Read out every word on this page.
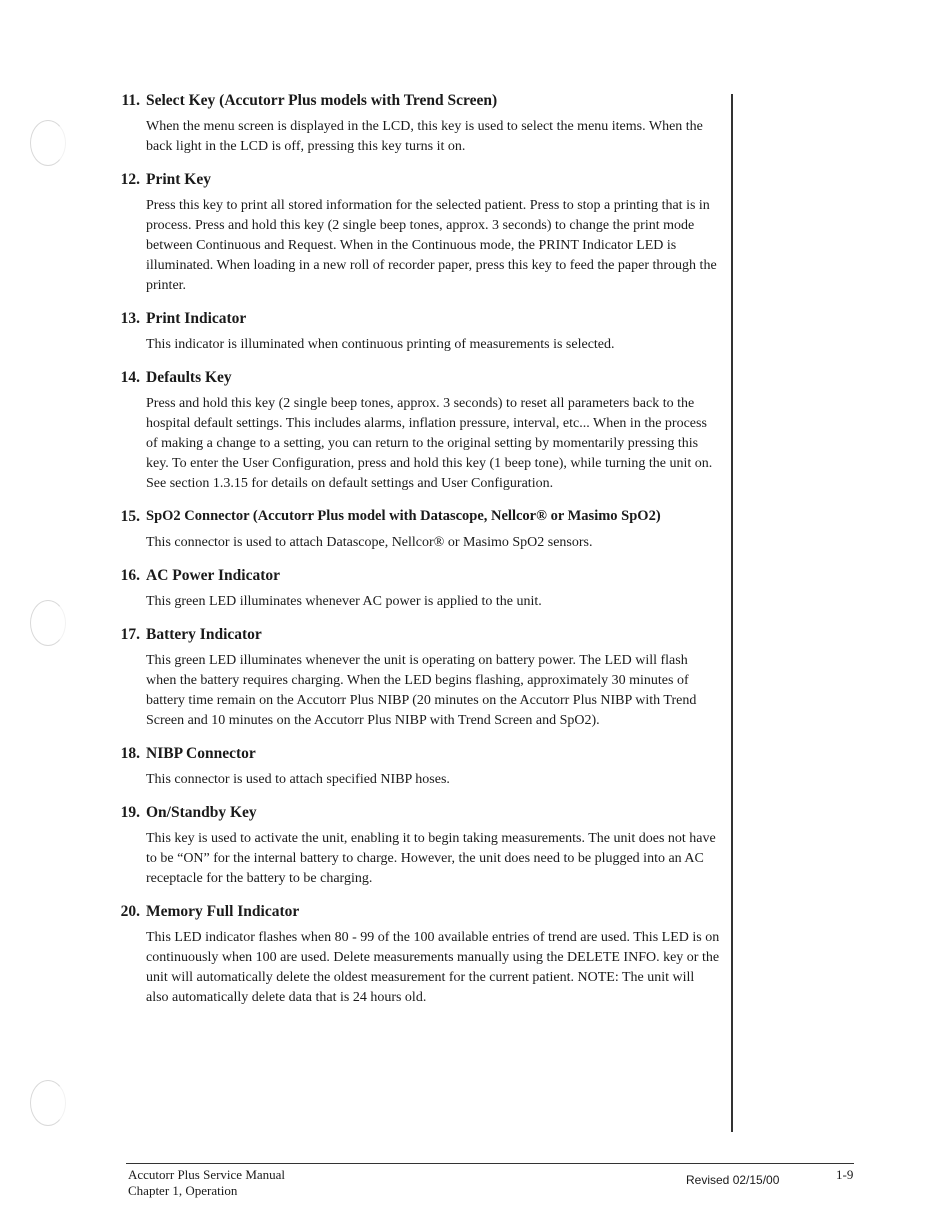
11. Select Key (Accutorr Plus models with Trend Screen)
When the menu screen is displayed in the LCD, this key is used to select the menu items. When the back light in the LCD is off, pressing this key turns it on.
12. Print Key
Press this key to print all stored information for the selected patient. Press to stop a printing that is in process. Press and hold this key (2 single beep tones, approx. 3 seconds) to change the print mode between Continuous and Request. When in the Continuous mode, the PRINT Indicator LED is illuminated. When loading in a new roll of recorder paper, press this key to feed the paper through the printer.
13. Print Indicator
This indicator is illuminated when continuous printing of measurements is selected.
14. Defaults Key
Press and hold this key (2 single beep tones, approx. 3 seconds) to reset all parameters back to the hospital default settings. This includes alarms, inflation pressure, interval, etc... When in the process of making a change to a setting, you can return to the original setting by momentarily pressing this key. To enter the User Configuration, press and hold this key (1 beep tone), while turning the unit on. See section 1.3.15 for details on default settings and User Configuration.
15. SpO2 Connector (Accutorr Plus model with Datascope, Nellcor® or Masimo SpO2)
This connector is used to attach Datascope, Nellcor® or Masimo SpO2 sensors.
16. AC Power Indicator
This green LED illuminates whenever AC power is applied to the unit.
17. Battery Indicator
This green LED illuminates whenever the unit is operating on battery power. The LED will flash when the battery requires charging. When the LED begins flashing, approximately 30 minutes of battery time remain on the Accutorr Plus NIBP (20 minutes on the Accutorr Plus NIBP with Trend Screen and 10 minutes on the Accutorr Plus NIBP with Trend Screen and SpO2).
18. NIBP Connector
This connector is used to attach specified NIBP hoses.
19. On/Standby Key
This key is used to activate the unit, enabling it to begin taking measurements. The unit does not have to be “ON” for the internal battery to charge. However, the unit does need to be plugged into an AC receptacle for the battery to be charging.
20. Memory Full Indicator
This LED indicator flashes when 80 - 99 of the 100 available entries of trend are used. This LED is on continuously when 100 are used. Delete measurements manually using the DELETE INFO. key or the unit will automatically delete the oldest measurement for the current patient. NOTE: The unit will also automatically delete data that is 24 hours old.
Accutorr Plus Service Manual
Chapter 1, Operation
Revised 02/15/00	1-9
